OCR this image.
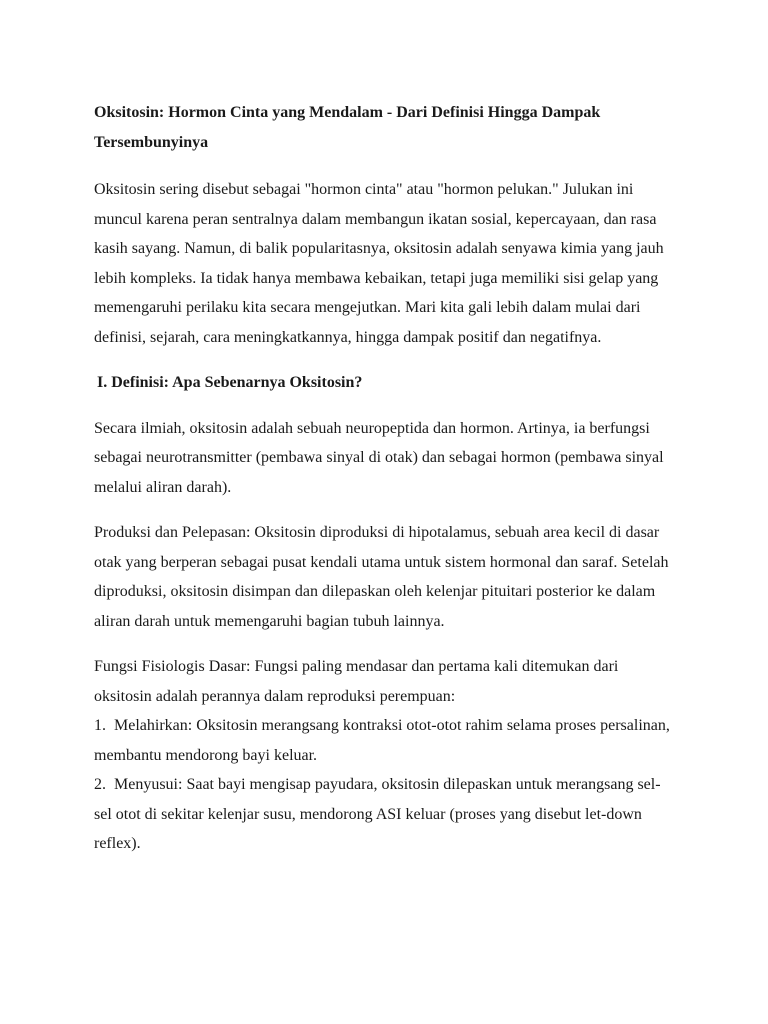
Oksitosin: Hormon Cinta yang Mendalam - Dari Definisi Hingga Dampak Tersembunyinya

Oksitosin sering disebut sebagai "hormon cinta" atau "hormon pelukan." Julukan ini muncul karena peran sentralnya dalam membangun ikatan sosial, kepercayaan, dan rasa kasih sayang. Namun, di balik popularitasnya, oksitosin adalah senyawa kimia yang jauh lebih kompleks. Ia tidak hanya membawa kebaikan, tetapi juga memiliki sisi gelap yang memengaruhi perilaku kita secara mengejutkan. Mari kita gali lebih dalam mulai dari definisi, sejarah, cara meningkatkannya, hingga dampak positif dan negatifnya.

I. Definisi: Apa Sebenarnya Oksitosin?

Secara ilmiah, oksitosin adalah sebuah neuropeptida dan hormon. Artinya, ia berfungsi sebagai neurotransmitter (pembawa sinyal di otak) dan sebagai hormon (pembawa sinyal melalui aliran darah).

Produksi dan Pelepasan: Oksitosin diproduksi di hipotalamus, sebuah area kecil di dasar otak yang berperan sebagai pusat kendali utama untuk sistem hormonal dan saraf. Setelah diproduksi, oksitosin disimpan dan dilepaskan oleh kelenjar pituitari posterior ke dalam aliran darah untuk memengaruhi bagian tubuh lainnya.

Fungsi Fisiologis Dasar: Fungsi paling mendasar dan pertama kali ditemukan dari oksitosin adalah perannya dalam reproduksi perempuan:

1. Melahirkan: Oksitosin merangsang kontraksi otot-otot rahim selama proses persalinan, membantu mendorong bayi keluar.

2. Menyusui: Saat bayi mengisap payudara, oksitosin dilepaskan untuk merangsang sel-sel otot di sekitar kelenjar susu, mendorong ASI keluar (proses yang disebut let-down reflex).
